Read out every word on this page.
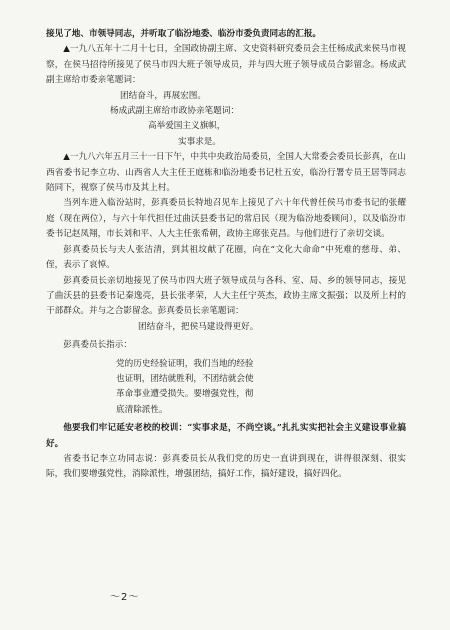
接见了地、市领导同志，并听取了临汾地委、临汾市委负责同志的汇报。

▲一九八五年十二月十七日，全国政协副主席、文史资料研究委员会主任杨成武来侯马市视察，在侯马招待所接见了侯马市四大班子领导成员，并与四大班子领导成员合影留念。杨成武副主席给市委亲笔题词：

团结奋斗，再展宏图。

杨成武副主席给市政协亲笔题词：

高举爱国主义旗帜，

实事求是。

▲一九八六年五月三十一日下午，中共中央政治局委员，全国人大常委会委员长彭真，在山西省委书记李立功、山西省人大主任王庭栋和临汾地委书记杜五安，临汾行署专员王居等同志陪同下，视察了侯马市及其上村。

当列车进入临汾站时，彭真委员长特地召见车上接见了六十年代曾任侯马市委书记的张耀庭（现在两位），与六十年代担任过曲沃县委书记的常启民（现为临汾地委顾问），以及临汾市委书记赵凤翔，市长刘和平、人大主任张希朝，政协主席张克昌。与他们进行了亲切交谈。

彭真委员长与夫人张洁清，到其祖坟献了花圈，向在“文化大命命”中死难的慈母、弟、侄，表示了哀悼。

彭真委员长亲切地接见了侯马市四大班子领导成员与各科、室、局、乡的领导同志，接见了曲沃县的县委书记秦逸亮，县长张孝荣，人大主任宁英杰，政协主席文振强；以及所上村的干部群众。并与之合影留念。彭真委员长亲笔题词：

团结奋斗，把侯马建设得更好。

彭真委员长指示：

党的历史经验证明，我们当地的经验

也证明，团结就胜利，不团结就会使

革命事业遭受损失。要增强党性，彻

底清除派性。

他要我们牢记延安老校的校训：“实事求是，不尚空谈。”扎扎实实把社会主义建设事业搞好。

省委书记李立功同志说：彭真委员长从我们党的历史一直讲到现在，讲得很深刻、很实际，我们要增强党性，消除派性，增强团结，搞好工作，搞好建设，搞好四化。

～2～
